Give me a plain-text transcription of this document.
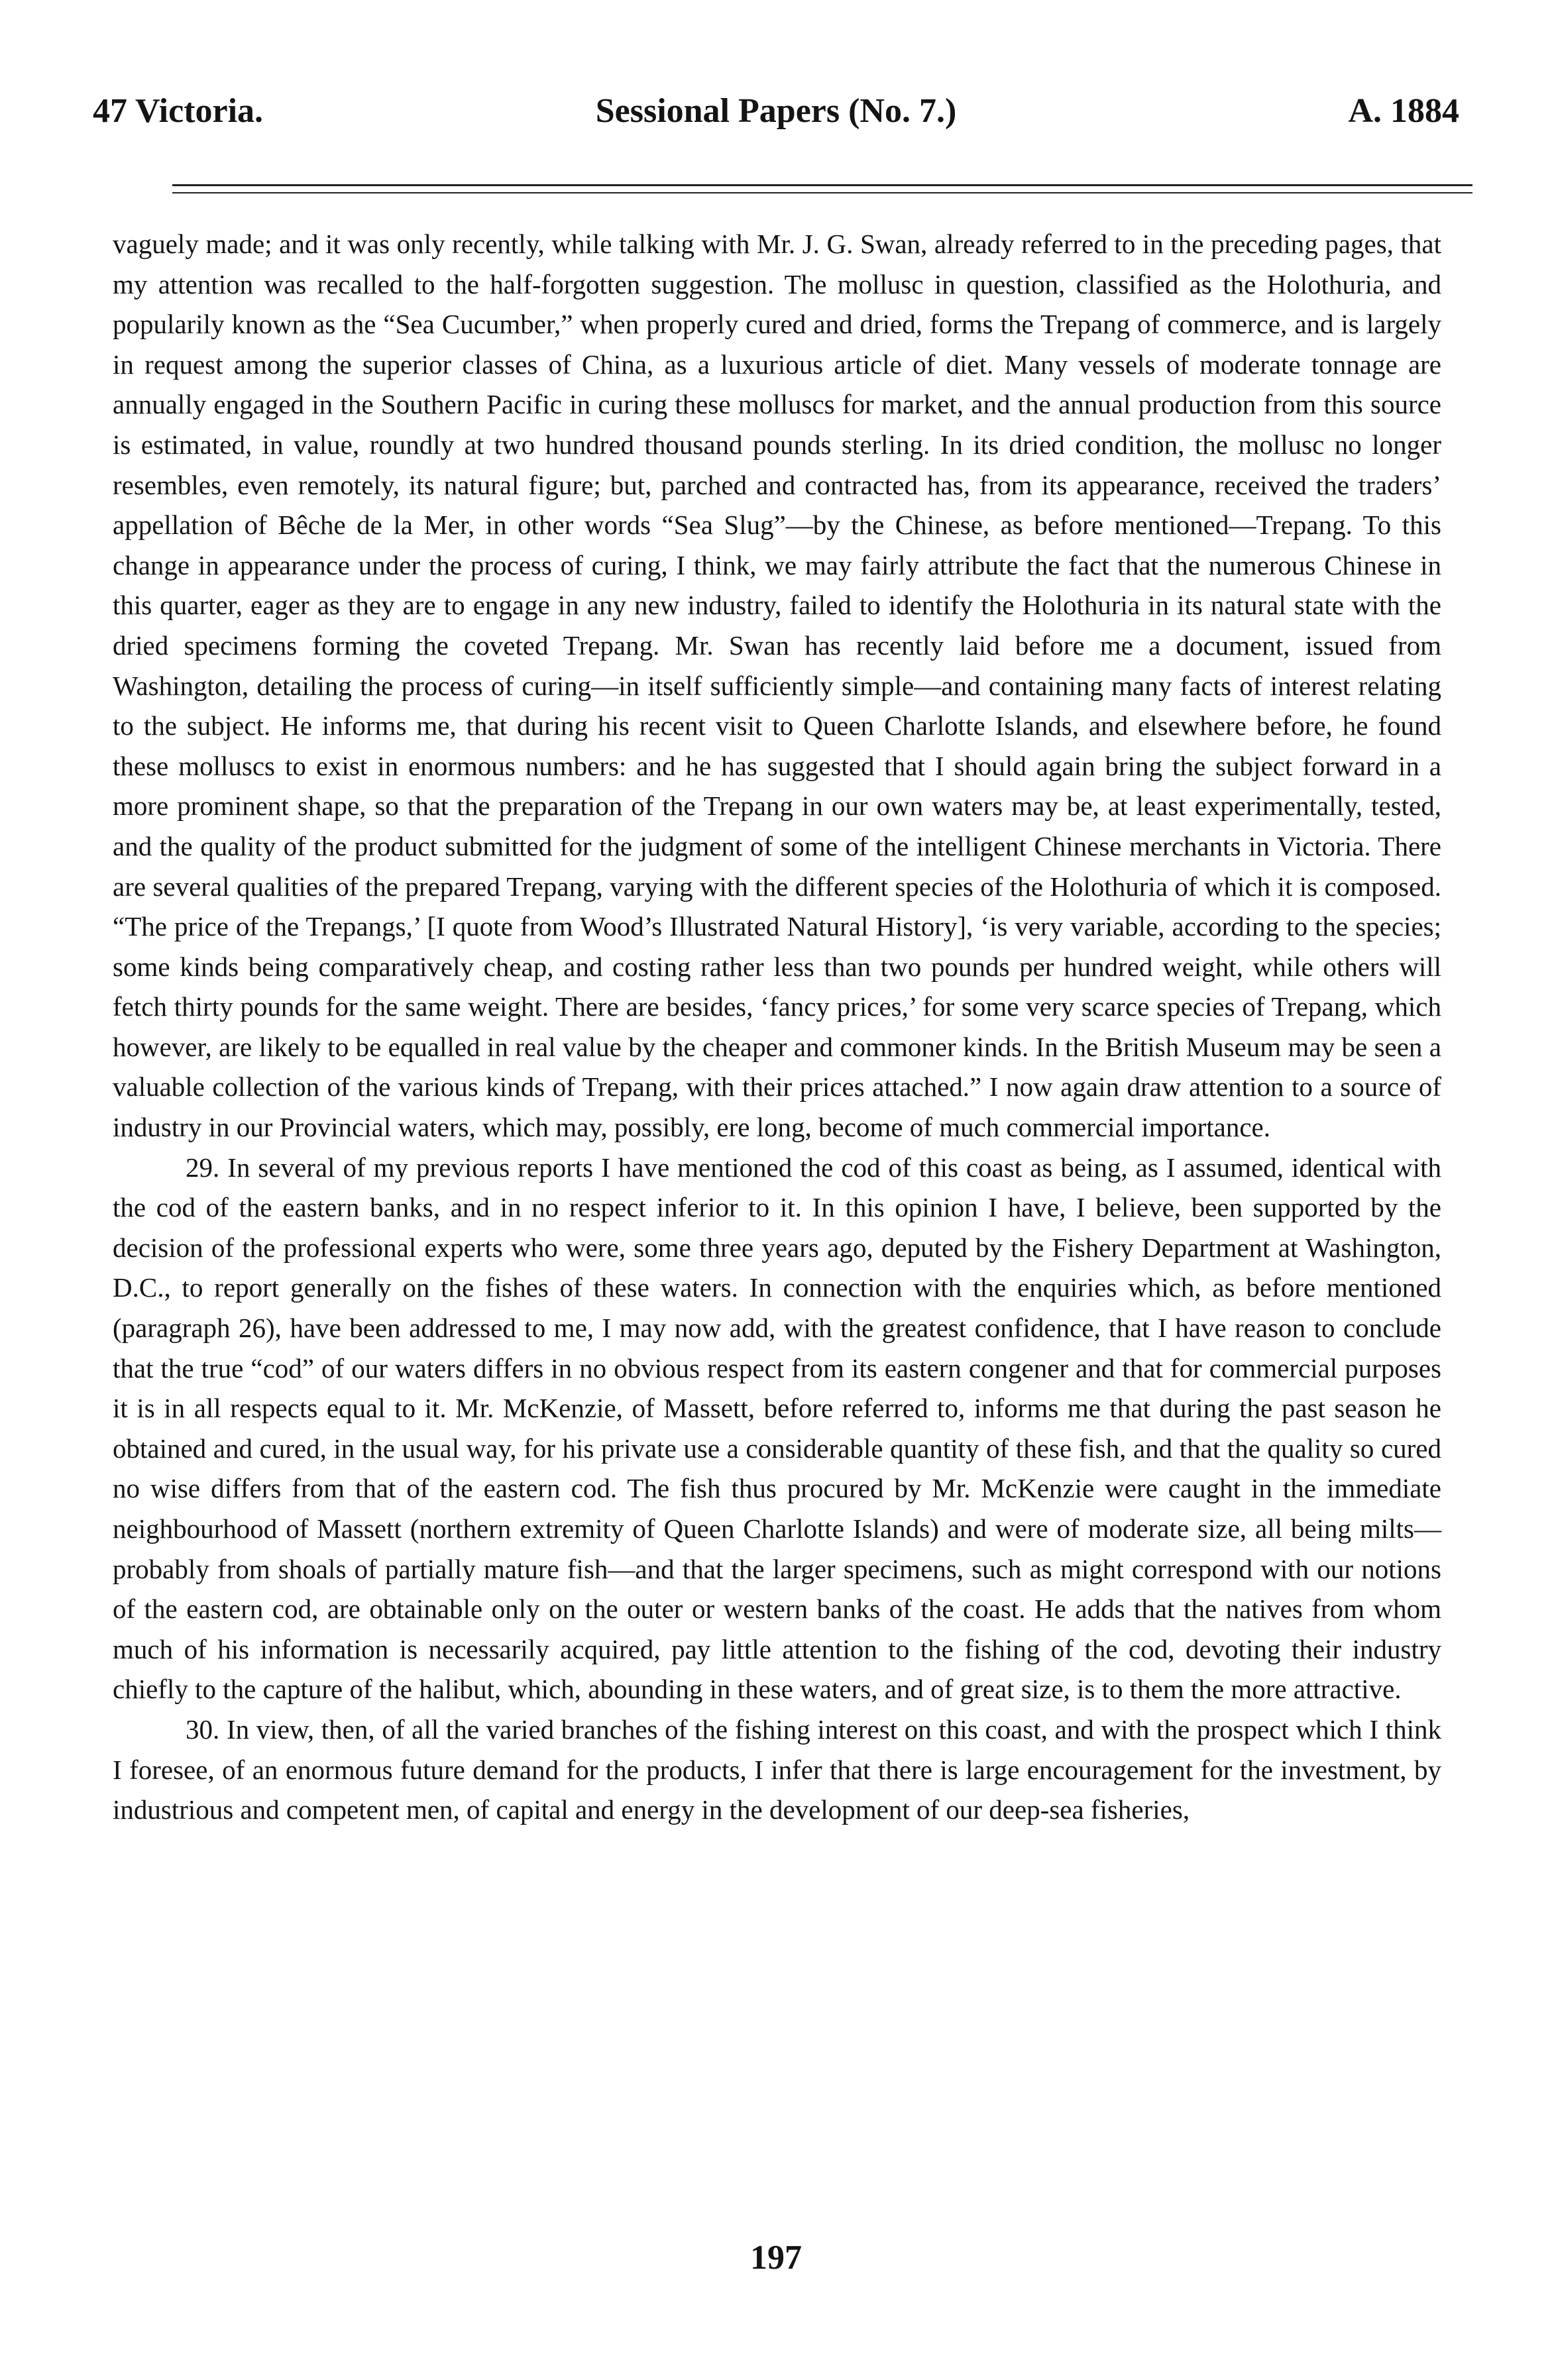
47 Victoria.	Sessional Papers (No. 7.)	A. 1884

vaguely made; and it was only recently, while talking with Mr. J. G. Swan, already referred to in the preceding pages, that my attention was recalled to the half-forgotten suggestion. The mollusc in question, classified as the Holothuria, and popularily known as the “Sea Cucumber,” when properly cured and dried, forms the Trepang of commerce, and is largely in request among the superior classes of China, as a luxurious article of diet. Many vessels of moderate tonnage are annually engaged in the Southern Pacific in curing these molluscs for market, and the annual production from this source is estimated, in value, roundly at two hundred thousand pounds sterling. In its dried condition, the mollusc no longer resembles, even remotely, its natural figure; but, parched and contracted has, from its appearance, received the traders’ appellation of Bêche de la Mer, in other words “Sea Slug”—by the Chinese, as before mentioned—Trepang. To this change in appearance under the process of curing, I think, we may fairly attribute the fact that the numerous Chinese in this quarter, eager as they are to engage in any new industry, failed to identify the Holothuria in its natural state with the dried specimens forming the coveted Trepang. Mr. Swan has recently laid before me a document, issued from Washington, detailing the process of curing—in itself sufficiently simple—and containing many facts of interest relating to the subject. He informs me, that during his recent visit to Queen Charlotte Islands, and elsewhere before, he found these molluscs to exist in enormous numbers: and he has suggested that I should again bring the subject forward in a more prominent shape, so that the preparation of the Trepang in our own waters may be, at least experimentally, tested, and the quality of the product submitted for the judgment of some of the intelligent Chinese merchants in Victoria. There are several qualities of the prepared Trepang, varying with the different species of the Holothuria of which it is composed. “The price of the Trepangs,’ [I quote from Wood’s Illustrated Natural History], ‘is very variable, according to the species; some kinds being comparatively cheap, and costing rather less than two pounds per hundred weight, while others will fetch thirty pounds for the same weight. There are besides, ‘fancy prices,’ for some very scarce species of Trepang, which however, are likely to be equalled in real value by the cheaper and commoner kinds. In the British Museum may be seen a valuable collection of the various kinds of Trepang, with their prices attached.” I now again draw attention to a source of industry in our Provincial waters, which may, possibly, ere long, become of much commercial importance.

29. In several of my previous reports I have mentioned the cod of this coast as being, as I assumed, identical with the cod of the eastern banks, and in no respect inferior to it. In this opinion I have, I believe, been supported by the decision of the professional experts who were, some three years ago, deputed by the Fishery Department at Washington, D.C., to report generally on the fishes of these waters. In connection with the enquiries which, as before mentioned (paragraph 26), have been addressed to me, I may now add, with the greatest confidence, that I have reason to conclude that the true “cod” of our waters differs in no obvious respect from its eastern congener and that for commercial purposes it is in all respects equal to it. Mr. McKenzie, of Massett, before referred to, informs me that during the past season he obtained and cured, in the usual way, for his private use a considerable quantity of these fish, and that the quality so cured no wise differs from that of the eastern cod. The fish thus procured by Mr. McKenzie were caught in the immediate neighbourhood of Massett (northern extremity of Queen Charlotte Islands) and were of moderate size, all being milts—probably from shoals of partially mature fish—and that the larger specimens, such as might correspond with our notions of the eastern cod, are obtainable only on the outer or western banks of the coast. He adds that the natives from whom much of his information is necessarily acquired, pay little attention to the fishing of the cod, devoting their industry chiefly to the capture of the halibut, which, abounding in these waters, and of great size, is to them the more attractive.

30. In view, then, of all the varied branches of the fishing interest on this coast, and with the prospect which I think I foresee, of an enormous future demand for the products, I infer that there is large encouragement for the investment, by industrious and competent men, of capital and energy in the development of our deep-sea fisheries,

197
